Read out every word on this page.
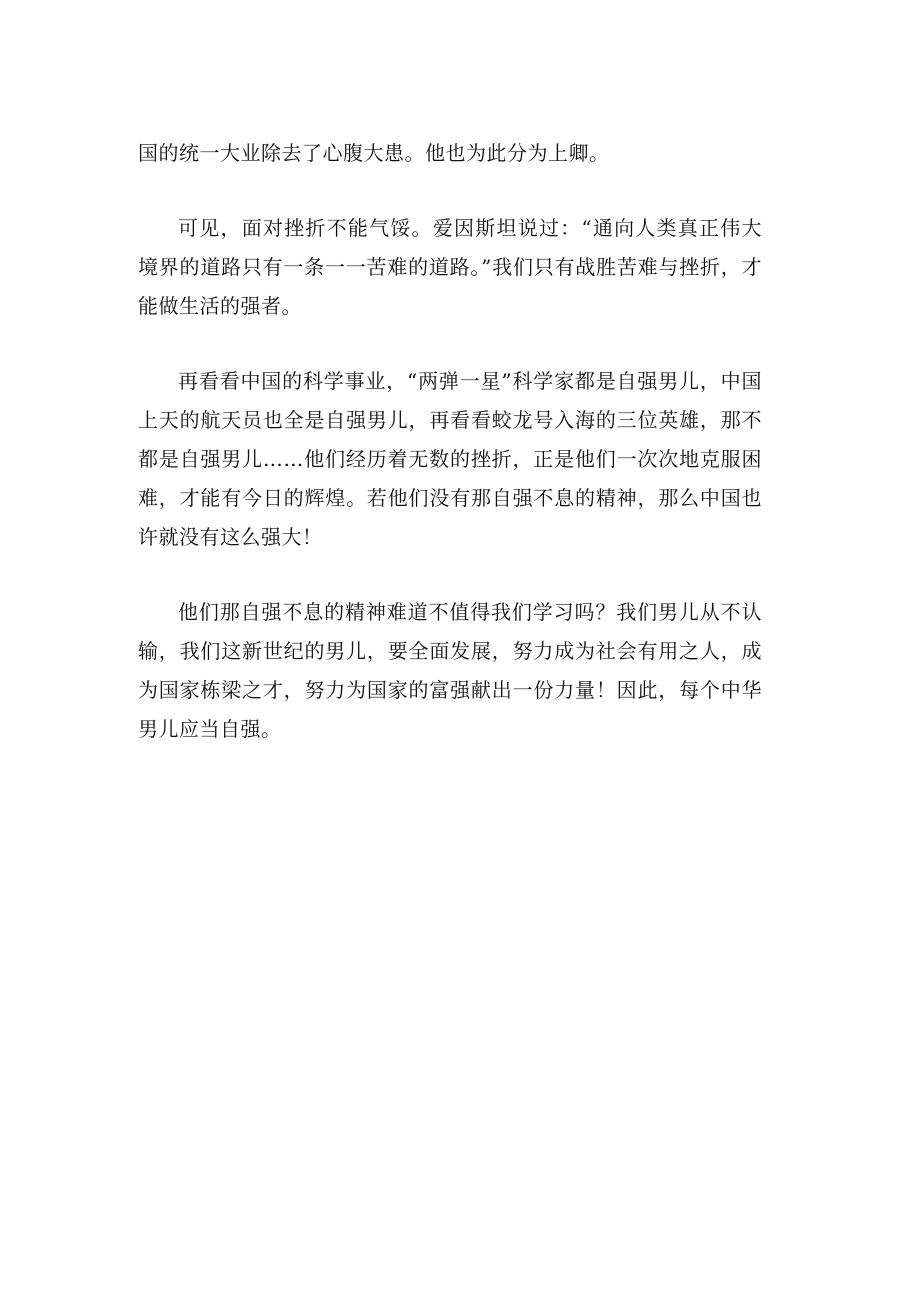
国的统一大业除去了心腹大患。他也为此分为上卿。

可见，面对挫折不能气馁。爱因斯坦说过：“通向人类真正伟大境界的道路只有一条一一苦难的道路。”我们只有战胜苦难与挫折，才能做生活的强者。

再看看中国的科学事业，“两弹一星”科学家都是自强男儿，中国上天的航天员也全是自强男儿，再看看蛟龙号入海的三位英雄，那不都是自强男儿……他们经历着无数的挫折，正是他们一次次地克服困难，才能有今日的辉煌。若他们没有那自强不息的精神，那么中国也许就没有这么强大！

他们那自强不息的精神难道不值得我们学习吗？我们男儿从不认输，我们这新世纪的男儿，要全面发展，努力成为社会有用之人，成为国家栋梁之才，努力为国家的富强献出一份力量！因此，每个中华男儿应当自强。
